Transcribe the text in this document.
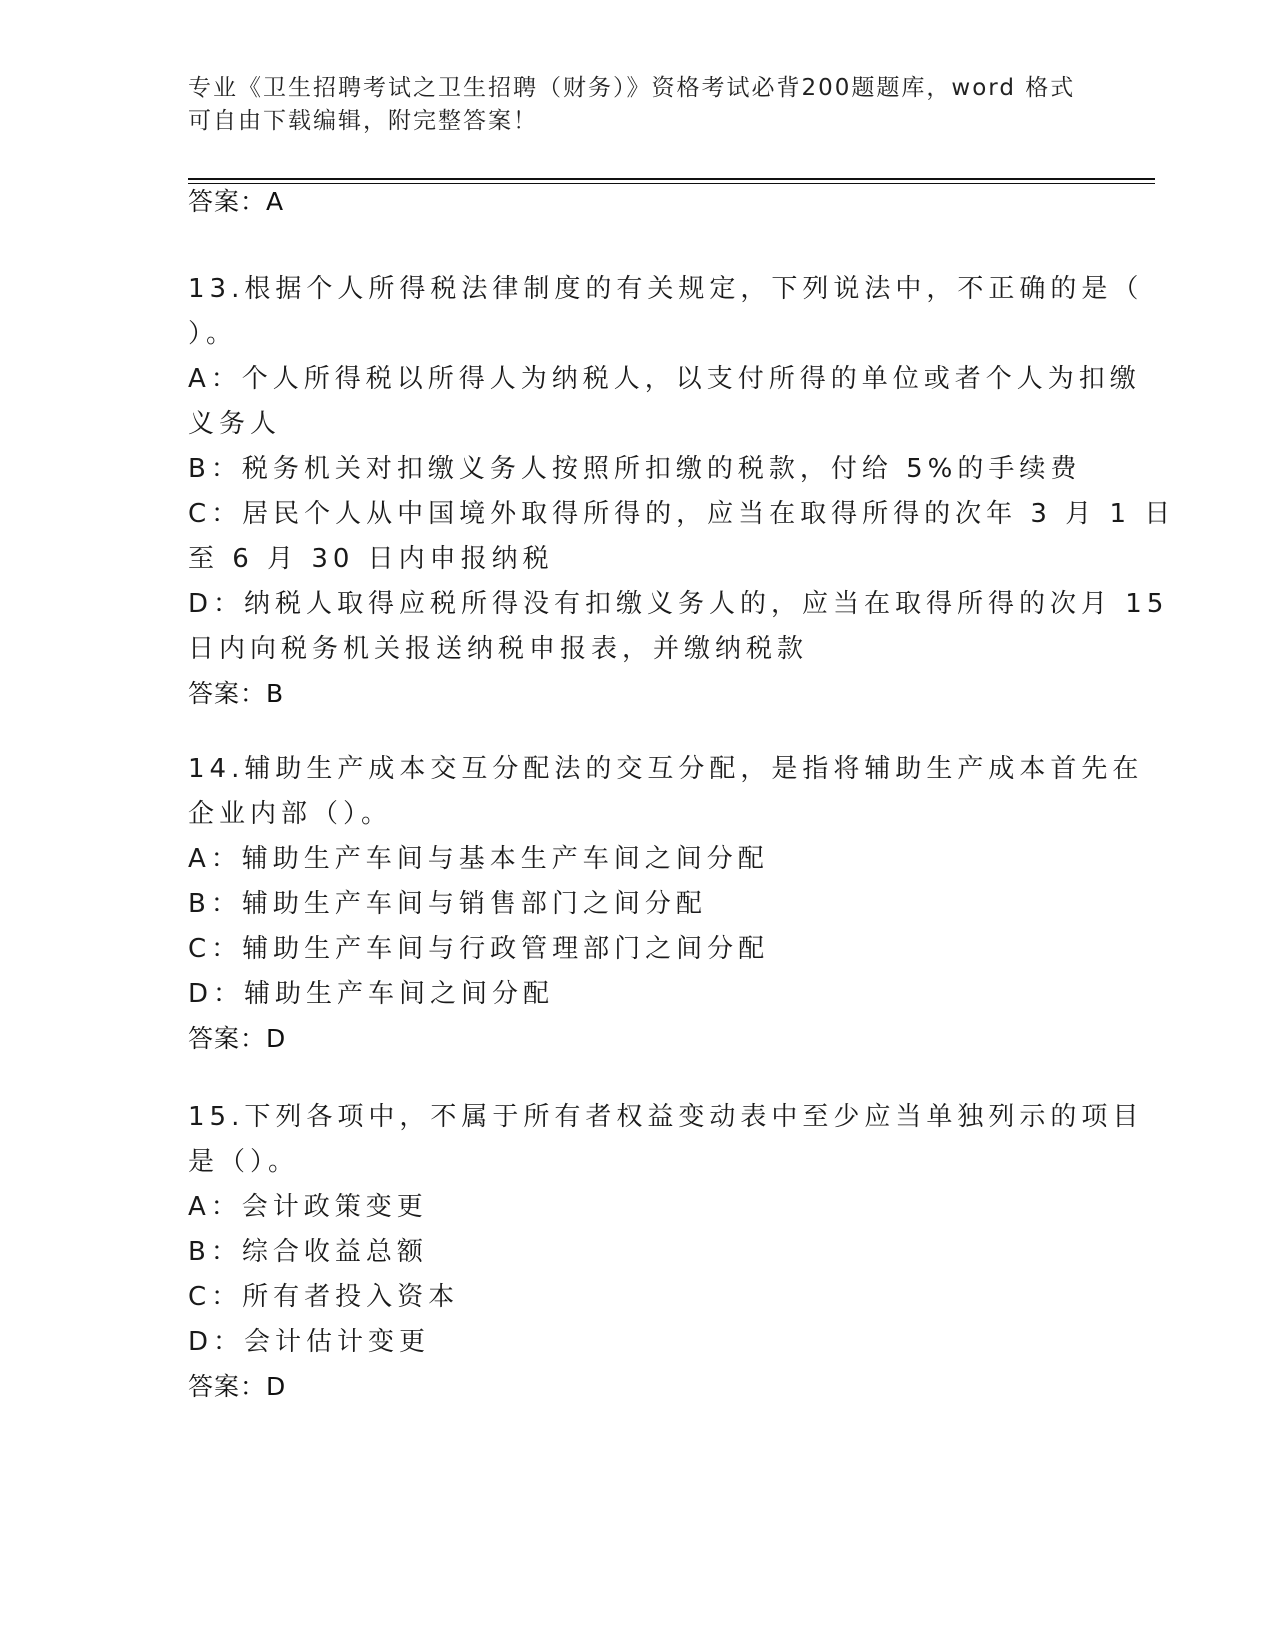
专业《卫生招聘考试之卫生招聘（财务）》资格考试必背200题题库，word 格式
可自由下载编辑，附完整答案！
答案：A
13.根据个人所得税法律制度的有关规定，下列说法中，不正确的是（
）。
A：个人所得税以所得人为纳税人，以支付所得的单位或者个人为扣缴
义务人
B：税务机关对扣缴义务人按照所扣缴的税款，付给 5%的手续费
C：居民个人从中国境外取得所得的，应当在取得所得的次年 3 月 1 日
至 6 月 30 日内申报纳税
D：纳税人取得应税所得没有扣缴义务人的，应当在取得所得的次月 15
日内向税务机关报送纳税申报表，并缴纳税款
答案：B
14.辅助生产成本交互分配法的交互分配，是指将辅助生产成本首先在
企业内部（）。
A：辅助生产车间与基本生产车间之间分配
B：辅助生产车间与销售部门之间分配
C：辅助生产车间与行政管理部门之间分配
D：辅助生产车间之间分配
答案：D
15.下列各项中，不属于所有者权益变动表中至少应当单独列示的项目
是（）。
A：会计政策变更
B：综合收益总额
C：所有者投入资本
D：会计估计变更
答案：D
